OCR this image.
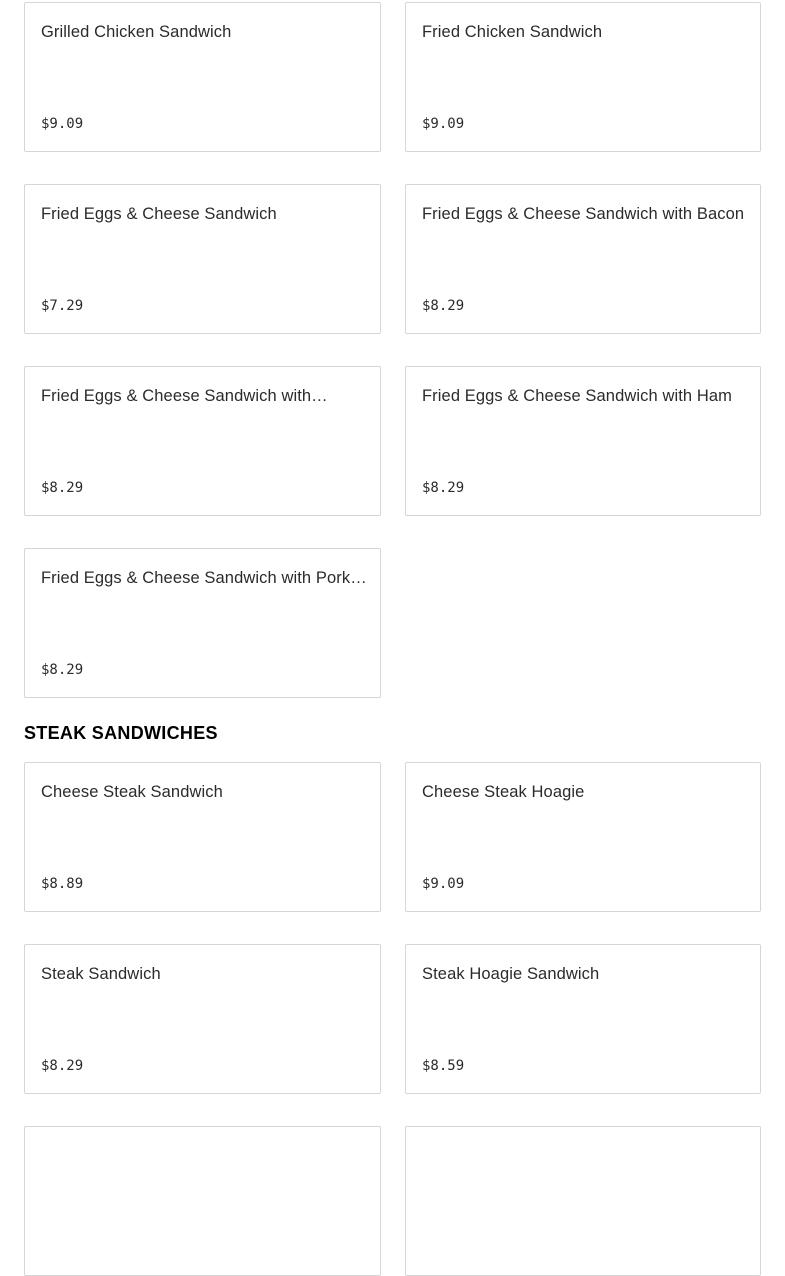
Grilled Chicken Sandwich
$9.09
Fried Chicken Sandwich
$9.09
Fried Eggs & Cheese Sandwich
$7.29
Fried Eggs & Cheese Sandwich with Bacon
$8.29
Fried Eggs & Cheese Sandwich with…
$8.29
Fried Eggs & Cheese Sandwich with Ham
$8.29
Fried Eggs & Cheese Sandwich with Pork…
$8.29
STEAK SANDWICHES
Cheese Steak Sandwich
$8.89
Cheese Steak Hoagie
$9.09
Steak Sandwich
$8.29
Steak Hoagie Sandwich
$8.59
